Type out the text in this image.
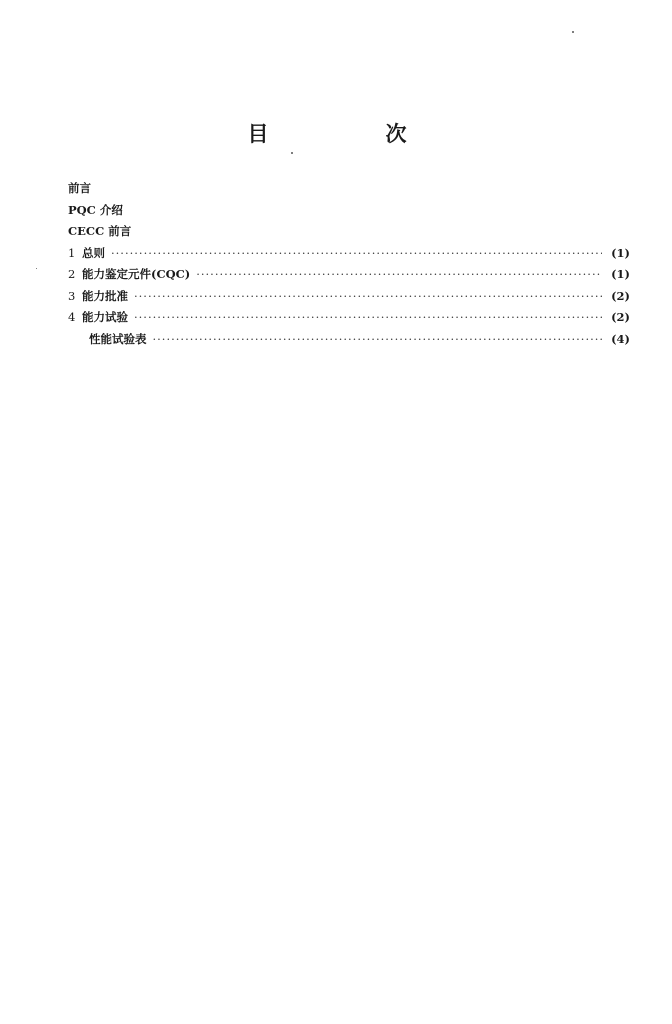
目　次
前言
PQC 介绍
CECC 前言
1 总则 ·····	(1)
2 能力鉴定元件(CQC) ·····	(1)
3 能力批准 ·····	(2)
4 能力试验 ·····	(2)
性能试验表 ·····	(4)
